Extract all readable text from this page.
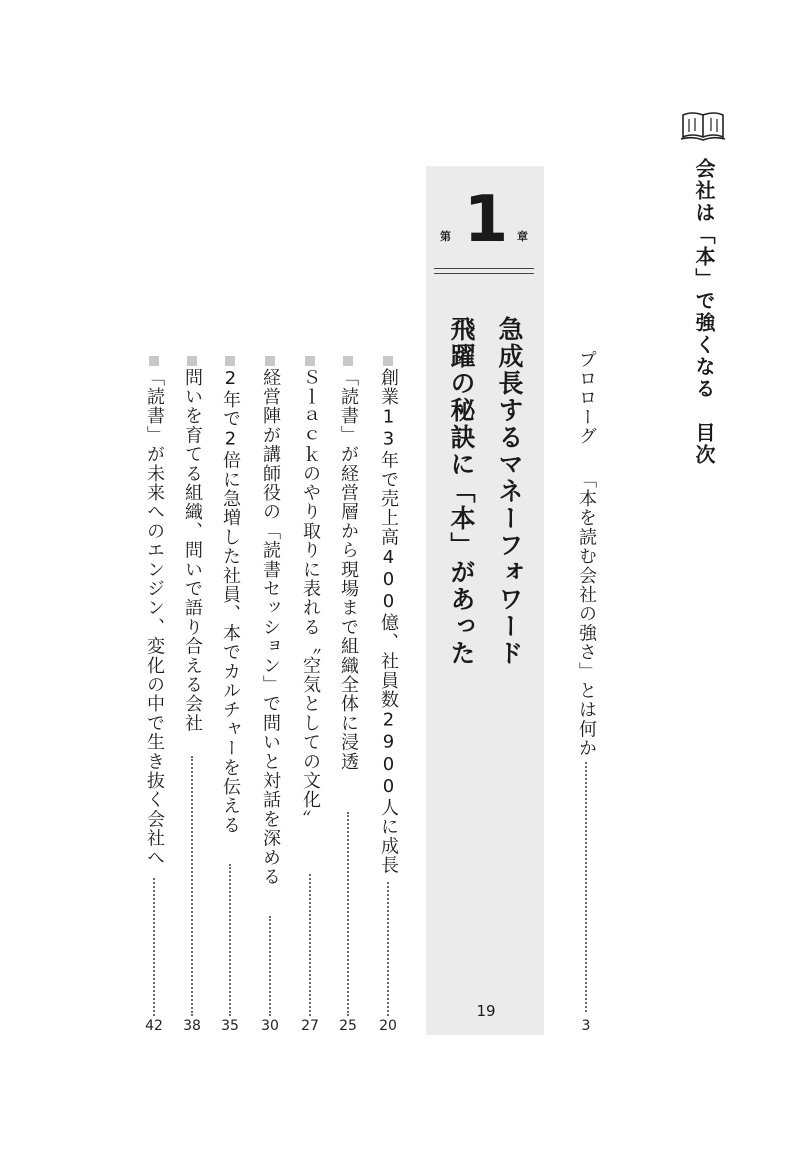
会社は「本」で強くなる　目次
プロローグ
「本を読む会社の強さ」とは何か
3
第 1 章
急成長するマネーフォワード
飛躍の秘訣に「本」があった
19
創業13年で売上高400億、社員数2900人に成長
20
「読書」が経営層から現場まで組織全体に浸透
25
Ｓｌａｃｋのやり取りに表れる〝空気としての文化〟
27
経営陣が講師役の「読書セッション」で問いと対話を深める
30
2年で2倍に急増した社員、本でカルチャーを伝える
35
問いを育てる組織、問いで語り合える会社
38
「読書」が未来へのエンジン、変化の中で生き抜く会社へ
42
